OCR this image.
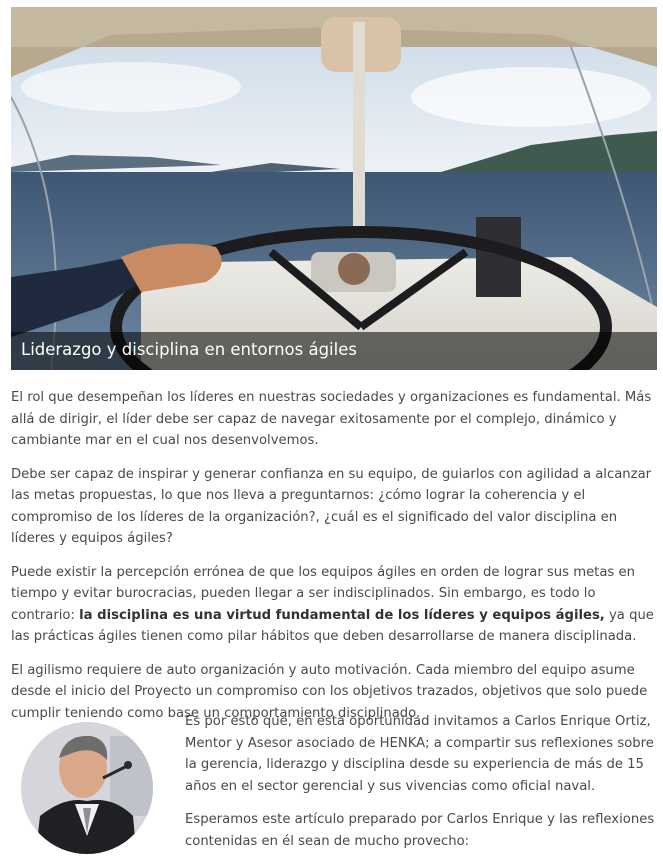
Liderazgo y disciplina en entornos ágiles

El rol que desempeñan los líderes en nuestras sociedades y organizaciones es fundamental. Más allá de dirigir, el líder debe ser capaz de navegar exitosamente por el complejo, dinámico y cambiante mar en el cual nos desenvolvemos.

Debe ser capaz de inspirar y generar confianza en su equipo, de guiarlos con agilidad a alcanzar las metas propuestas, lo que nos lleva a preguntarnos: ¿cómo lograr la coherencia y el compromiso de los líderes de la organización?, ¿cuál es el significado del valor disciplina en líderes y equipos ágiles?

Puede existir la percepción errónea de que los equipos ágiles en orden de lograr sus metas en tiempo y evitar burocracias, pueden llegar a ser indisciplinados. Sin embargo, es todo lo contrario: la disciplina es una virtud fundamental de los líderes y equipos ágiles, ya que las prácticas ágiles tienen como pilar hábitos que deben desarrollarse de manera disciplinada.

El agilismo requiere de auto organización y auto motivación. Cada miembro del equipo asume desde el inicio del Proyecto un compromiso con los objetivos trazados, objetivos que solo puede cumplir teniendo como base un comportamiento disciplinado.

Es por esto que, en esta oportunidad invitamos a Carlos Enrique Ortiz, Mentor y Asesor asociado de HENKA; a compartir sus reflexiones sobre la gerencia, liderazgo y disciplina desde su experiencia de más de 15 años en el sector gerencial y sus vivencias como oficial naval.

Esperamos este artículo preparado por Carlos Enrique y las reflexiones contenidas en él sean de mucho provecho:
